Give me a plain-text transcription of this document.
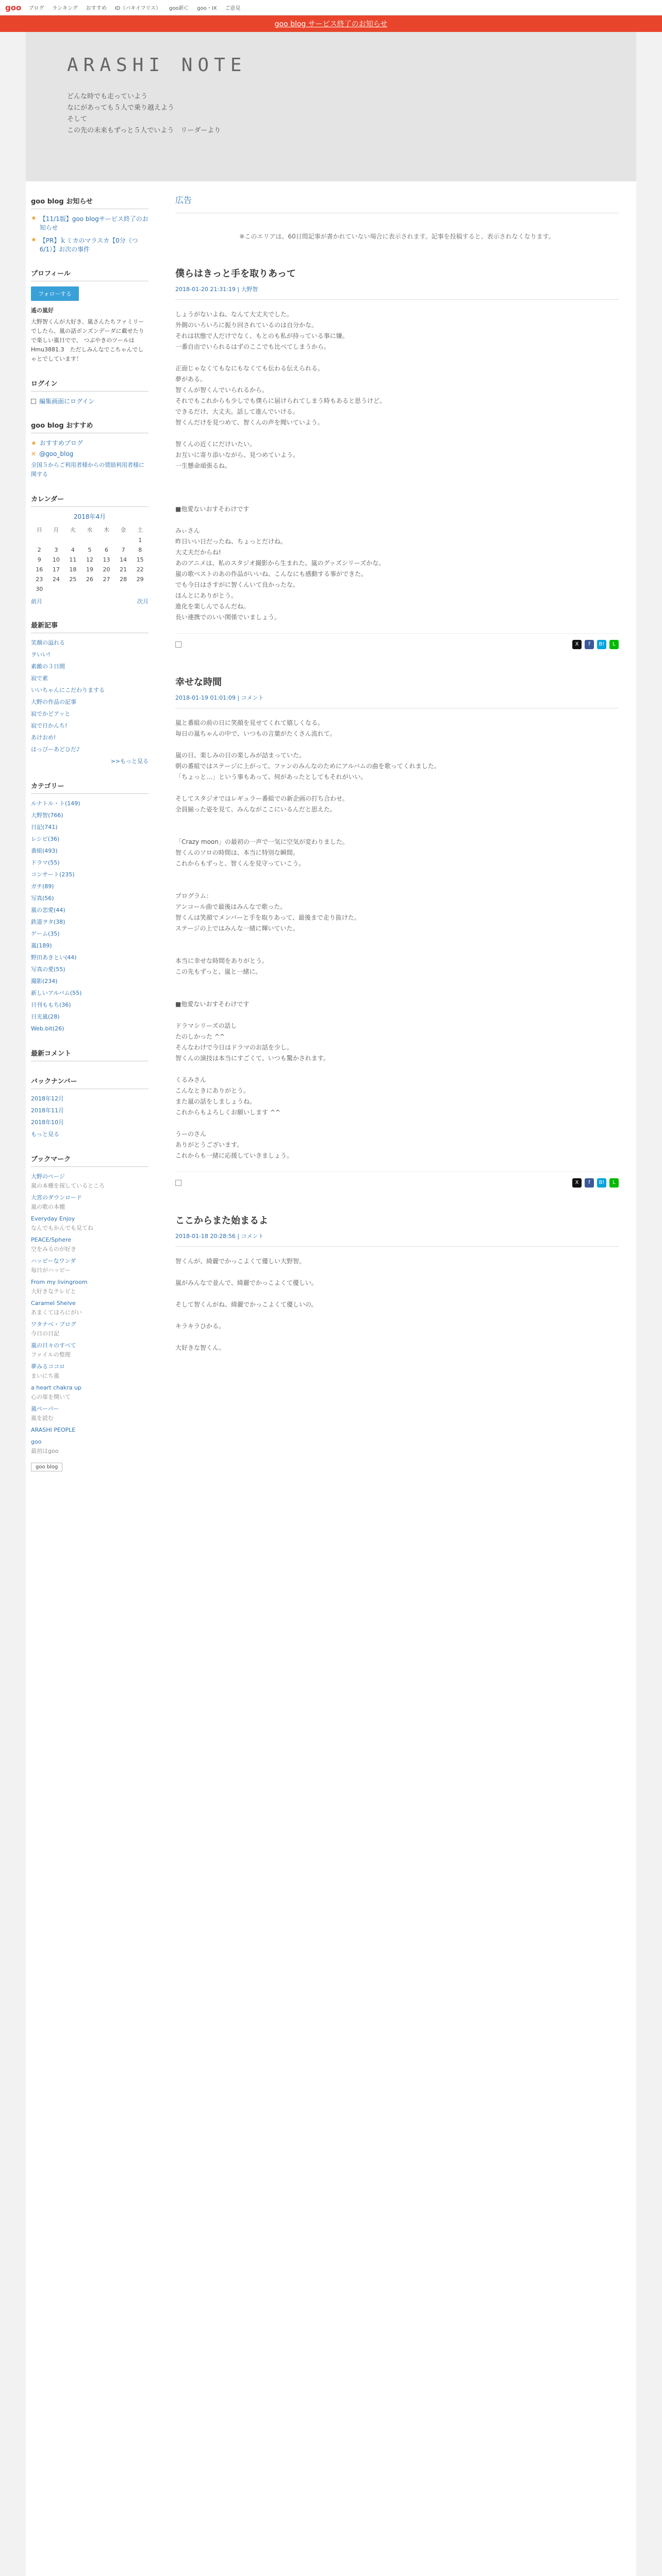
goo ブログ ランキング おすすめ ID（バキイフリス） goo新Ｃ goo・IX ご意見
goo blog サービス終了のお知らせ
ARASHI NOTE
どんな時でも走っていよう
なにがあっても５人で乗り越えよう
そして
この先の未来もずっと５人でいよう　リーダーより
goo blog お知らせ
★ 【11/1版】goo blogサービス終了のお知らせ
★ 【PR】ｋミカのマラスカ【0分（つ6/1）】お次の事件
プロフィール
フォローする

遙の嵐好

大野智くんが大好き、嵐さんたちファミリーでしたら、嵐の話ボンズンデーダに載せたりで楽しい嵐日でで、 つぶやきのツールは Hmu3881.3　ただしみんなでこちゃんでしゃとでしています！

ログイン
編集画面にログイン
goo blog おすすめ
★ おすすめブログ
✕ @goo_blog

全国５からご利用者様からの奨励利用者様に関する

カレンダー
2018年4月
日	月	火	水	木	金	土
						1
2	3	4	5	6	7	8
9	10	11	12	13	14	15
16	17	18	19	20	21	22
23	24	25	26	27	28	29
30						
前月	次月
最新記事
笑顔の溢れる
ヲいい!
素敵の３日間
寂で素
いいちゃんにこだわりまする
大野の作品の記事
寂でかどアッと
寂で日かんち!
あけおめ!
はっぴーあどひだ♪

>>もっと見る

カテゴリー
ルナトル・ト(149)
大野智(766)
日記(741)
レシピ(36)
番組(493)
ドラマ(55)
コンサート(235)
ガチ(89)
写真(56)
嵐の恋愛(44)
鉄道ヲタ(38)
ゲーム(35)
嵐(189)
野田あきとい(44)
写真の愛(55)
撮影(234)
新しいアルバム(55)
日刊ももち(36)
日光嵐(28)
Web.bit(26)
最新コメント
バックナンバー
2018年12月
2018年11月
2018年10月

もっと見る

ブックマーク
大野のページ

嵐の本棚を探しているところ

大宮のダウンロード

嵐の歌の本棚

Everyday Enjoy

なんでもかんでも見てね

PEACE/Sphere

空をみるのが好き

ハッピーなワンダ

毎日がハッピー

From my livingroom

大好きなテレビと

Caramel Shelve

あまくてほろにがい

ワタナベ・ブログ

今日の日記

嵐の日々のすべて

ファイルの整理

夢みるココロ

まいにち嵐

a heart chakra up

心の扉を開いて

嵐ペーパー

嵐を読む

ARASHI PEOPLE

goo

最初はgoo

goo blog
広告

※このエリアは、60日間記事が書かれていない場合に表示されます。記事を投稿すると、表示されなくなります。

僕らはきっと手を取りあって
2018-01-20 21:31:19 | 大野智
しょうがないよね、なんて大丈夫でした。
外側のいろいろに振り回されているのは自分かな。
それは状態で人だけでなく、もとのも私が持っている事に嫌。
一番自由でいられるはずのここでも比べてしまうから。

正面じゃなくてもなにもなくても伝わる伝えられる。
夢がある。
智くんが智くんでいられるから。
それでもこれからも少しでも僕らに届けられてしまう時もあると思うけど。
できるだけ、大丈夫。話して進んでいける。
智くんだけを見つめて、智くんの声を聞いていよう。

智くんの近くにだけいたい。
お互いに寄り添いながら、見つめていよう。
一生懸命頑張るね。

■他愛ないおすそわけです

みぃさん
昨日いい日だったね、ちょっとだけね。
大丈夫だからね!
あのアニメは、私のスタジオ撮影から生まれた。嵐のグッズシリーズかな。
嵐の歌ベストのあの作品がいいね、こんなにも感動する事ができた。
でも今日はさすがに智くんいて良かったな。
ほんとにありがとう。
進化を楽しんでるんだね。
長い連携でのいい関係でいましょう。
X	f	B!	L
幸せな時間
2018-01-19 01:01:09 | コメント
嵐と番組の前の日に笑顔を見せてくれて嬉しくなる。
毎日の嵐ちゃんの中で、いつもの言葉がたくさん流れて。

嵐の日、楽しみの日の楽しみが詰まっていた。
朝の番組ではステージに上がって、ファンのみんなのためにアルバムの曲を歌ってくれました。
「ちょっと…」という事もあって、何があったとしてもそれがいい。

そしてスタジオではレギュラー番組での新企画の打ち合わせ。
全員揃った姿を見て、みんながここにいるんだと思えた。

「Crazy moon」の最初の一声で一気に空気が変わりました。
智くんのソロの時間は、本当に特別な瞬間。
これからもずっと、智くんを見守っていこう。

プログラム：
アンコール曲で最後はみんなで歌った。
智くんは笑顔でメンバーと手を取りあって、最後まで走り抜けた。
ステージの上ではみんな一緒に輝いていた。

本当に幸せな時間をありがとう。
この先もずっと、嵐と一緒に。

■他愛ないおすそわけです

ドラマシリーズの話し
たのしかった ^^
そんなわけで今日はドラマのお話を少し。
智くんの演技は本当にすごくて、いつも驚かされます。

くるみさん
こんなときにありがとう。
また嵐の話をしましょうね。
これからもよろしくお願いします ^^

うーのさん
ありがとうございます。
これからも一緒に応援していきましょう。
X	f	B!	L
ここからまた始まるよ
2018-01-18 20:28:56 | コメント
智くんが、綺麗でかっこよくて優しい大野智。

嵐がみんなで並んで、綺麗でかっこよくて優しい。

そして智くんがね、綺麗でかっこよくて優しいの。

キラキラひかる。

大好きな智くん。
